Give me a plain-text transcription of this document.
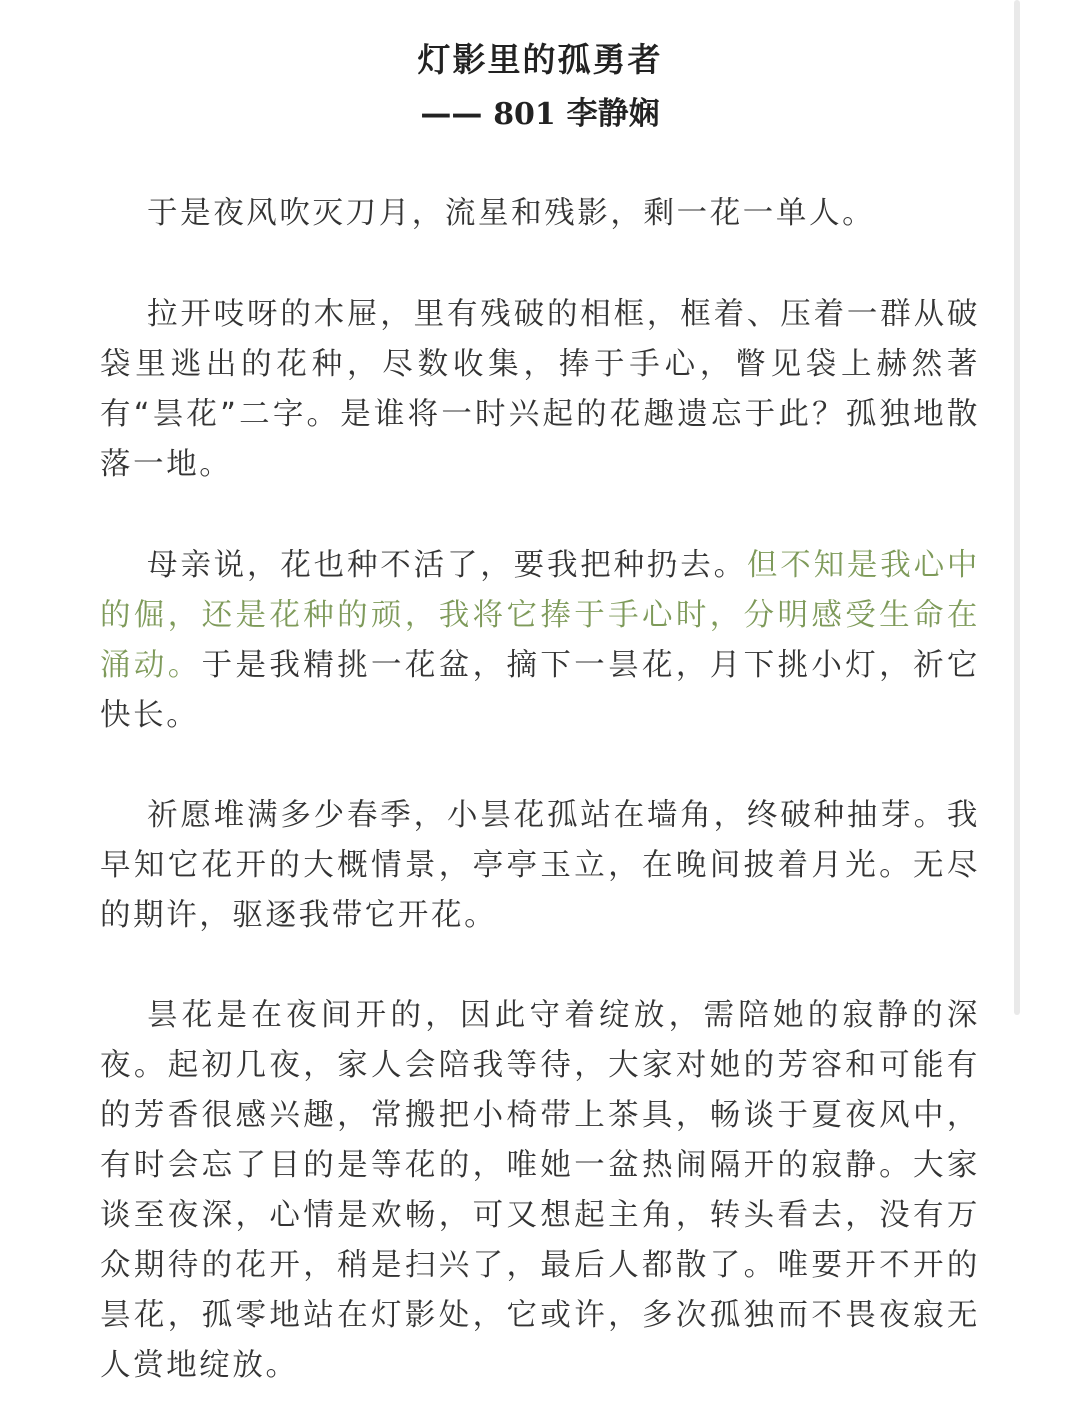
灯影里的孤勇者
—— 801 李静娴

于是夜风吹灭刀月，流星和残影，剩一花一单人。

拉开吱呀的木屉，里有残破的相框，框着、压着一群从破袋里逃出的花种，尽数收集，捧于手心，瞥见袋上赫然著有“昙花”二字。是谁将一时兴起的花趣遗忘于此？孤独地散落一地。

母亲说，花也种不活了，要我把种扔去。但不知是我心中的倔，还是花种的顽，我将它捧于手心时，分明感受生命在涌动。于是我精挑一花盆，摘下一昙花，月下挑小灯，祈它快长。

祈愿堆满多少春季，小昙花孤站在墙角，终破种抽芽。我早知它花开的大概情景，亭亭玉立，在晚间披着月光。无尽的期许，驱逐我带它开花。

昙花是在夜间开的，因此守着绽放，需陪她的寂静的深夜。起初几夜，家人会陪我等待，大家对她的芳容和可能有的芳香很感兴趣，常搬把小椅带上茶具，畅谈于夏夜风中，有时会忘了目的是等花的，唯她一盆热闹隔开的寂静。大家谈至夜深，心情是欢畅，可又想起主角，转头看去，没有万众期待的花开，稍是扫兴了，最后人都散了。唯要开不开的昙花，孤零地站在灯影处，它或许，多次孤独而不畏夜寂无人赏地绽放。
